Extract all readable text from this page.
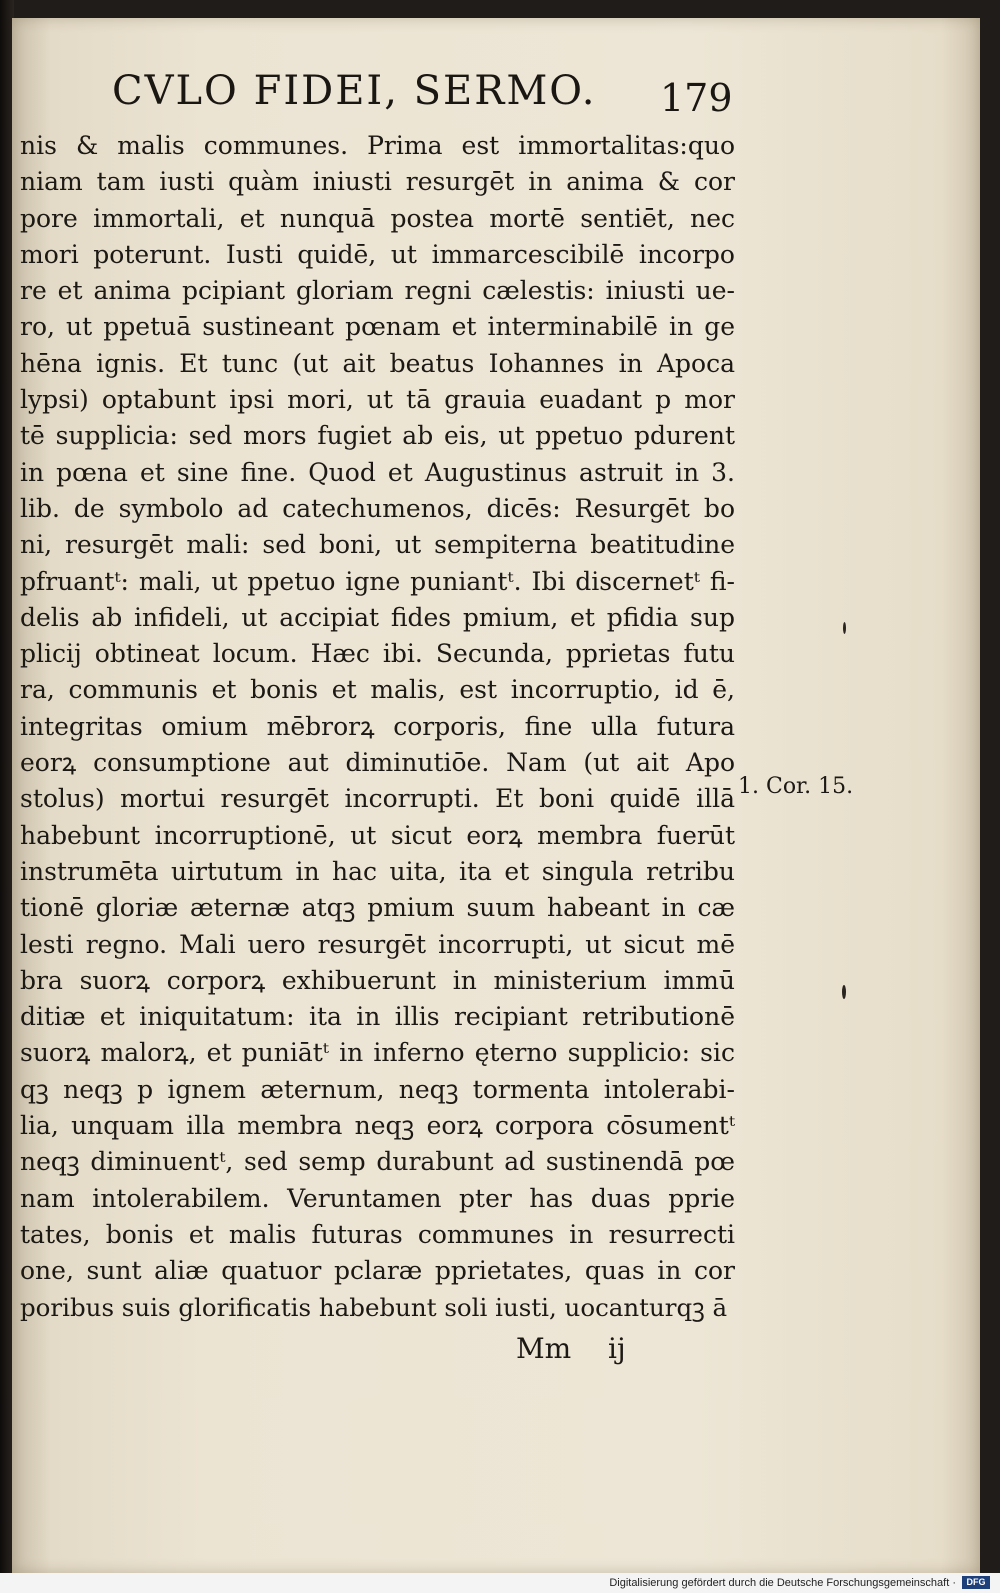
CVLO FIDEI, SERMO.	179
nis & malis communes. Prima est immortalitas:quo
niam tam iusti quàm iniusti resurgēt in anima & cor
pore immortali, et nunquā postea mortē sentiēt, nec
mori poterunt. Iusti quidē, ut immarcescibilē incorpo
re et anima pcipiant gloriam regni cælestis: iniusti ue-
ro, ut ppetuā sustineant pœnam et interminabilē in ge
hēna ignis. Et tunc (ut ait beatus Iohannes in Apoca
lypsi) optabunt ipsi mori, ut tā grauia euadant p mor
tē supplicia: sed mors fugiet ab eis, ut ppetuo pdurent
in pœna et sine fine. Quod et Augustinus astruit in 3.
lib. de symbolo ad catechumenos, dicēs: Resurgēt bo
ni, resurgēt mali: sed boni, ut sempiterna beatitudine
pfruantᵗ: mali, ut ppetuo igne puniantᵗ. Ibi discernetᵗ fi-
delis ab infideli, ut accipiat fides pmium, et pfidia sup
plicij obtineat locum. Hæc ibi. Secunda, pprietas futu
ra, communis et bonis et malis, est incorruptio, id ē,
integritas omium mēbrorꝝ corporis, fine ulla futura
eorꝝ consumptione aut diminutiōe. Nam (ut ait Apo
stolus) mortui resurgēt incorrupti. Et boni quidē illā
habebunt incorruptionē, ut sicut eorꝝ membra fuerūt
instrumēta uirtutum in hac uita, ita et singula retribu
tionē gloriæ æternæ atqꝫ pmium suum habeant in cæ
lesti regno. Mali uero resurgēt incorrupti, ut sicut mē
bra suorꝝ corporꝝ exhibuerunt in ministerium immū
ditiæ et iniquitatum: ita in illis recipiant retributionē
suorꝝ malorꝝ, et puniātᵗ in inferno ęterno supplicio: sic
qꝫ neqꝫ p ignem æternum, neqꝫ tormenta intolerabi-
lia, unquam illa membra neqꝫ eorꝝ corpora cōsumentᵗ
neqꝫ diminuentᵗ, sed semp durabunt ad sustinendā pœ
nam intolerabilem. Veruntamen pter has duas pprie
tates, bonis et malis futuras communes in resurrecti
one, sunt aliæ quatuor pclaræ pprietates, quas in cor
poribus suis glorificatis habebunt soli iusti, uocanturqꝫ ā
1. Cor. 15.
Mm ij
Digitalisierung gefördert durch die Deutsche Forschungsgemeinschaft ·	DFG
